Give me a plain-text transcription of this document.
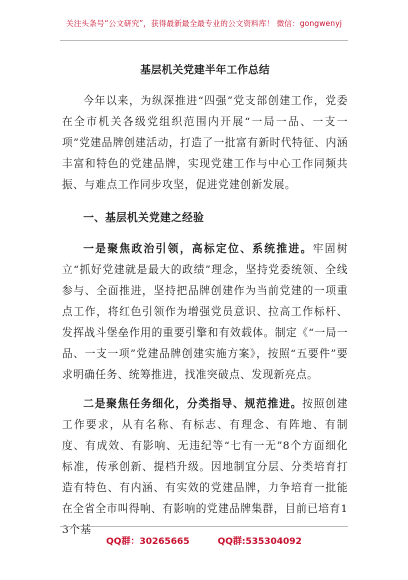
关注头条号“公文研究”，获得最新最全最专业的公文资料库！ 微信：gongwenyj
基层机关党建半年工作总结

今年以来，为纵深推进“四强”党支部创建工作，党委在全市机关各级党组织范围内开展“一局一品、一支一项”党建品牌创建活动，打造了一批富有新时代特征、内涵丰富和特色的党建品牌，实现党建工作与中心工作同频共振、与难点工作同步攻坚，促进党建创新发展。

一、基层机关党建之经验

一是聚焦政治引领，高标定位、系统推进。牢固树立“抓好党建就是最大的政绩”理念，坚持党委统领、全线参与、全面推进，坚持把品牌创建作为当前党建的一项重点工作，将红色引领作为增强党员意识、拉高工作标杆、发挥战斗堡垒作用的重要引擎和有效载体。制定《“一局一品、一支一项”党建品牌创建实施方案》，按照“五要件”要求明确任务、统筹推进，找准突破点、发现新亮点。

二是聚焦任务细化，分类指导、规范推进。按照创建工作要求，从有名称、有标志、有理念、有阵地、有制度、有成效、有影响、无违纪等“七有一无”8个方面细化标准，传承创新、提档升级。因地制宜分层、分类培育打造有特色、有内涵、有实效的党建品牌，力争培育一批能在全省全市叫得响、有影响的党建品牌集群，目前已培育13个基

QQ群：30265665	QQ群:535304092
